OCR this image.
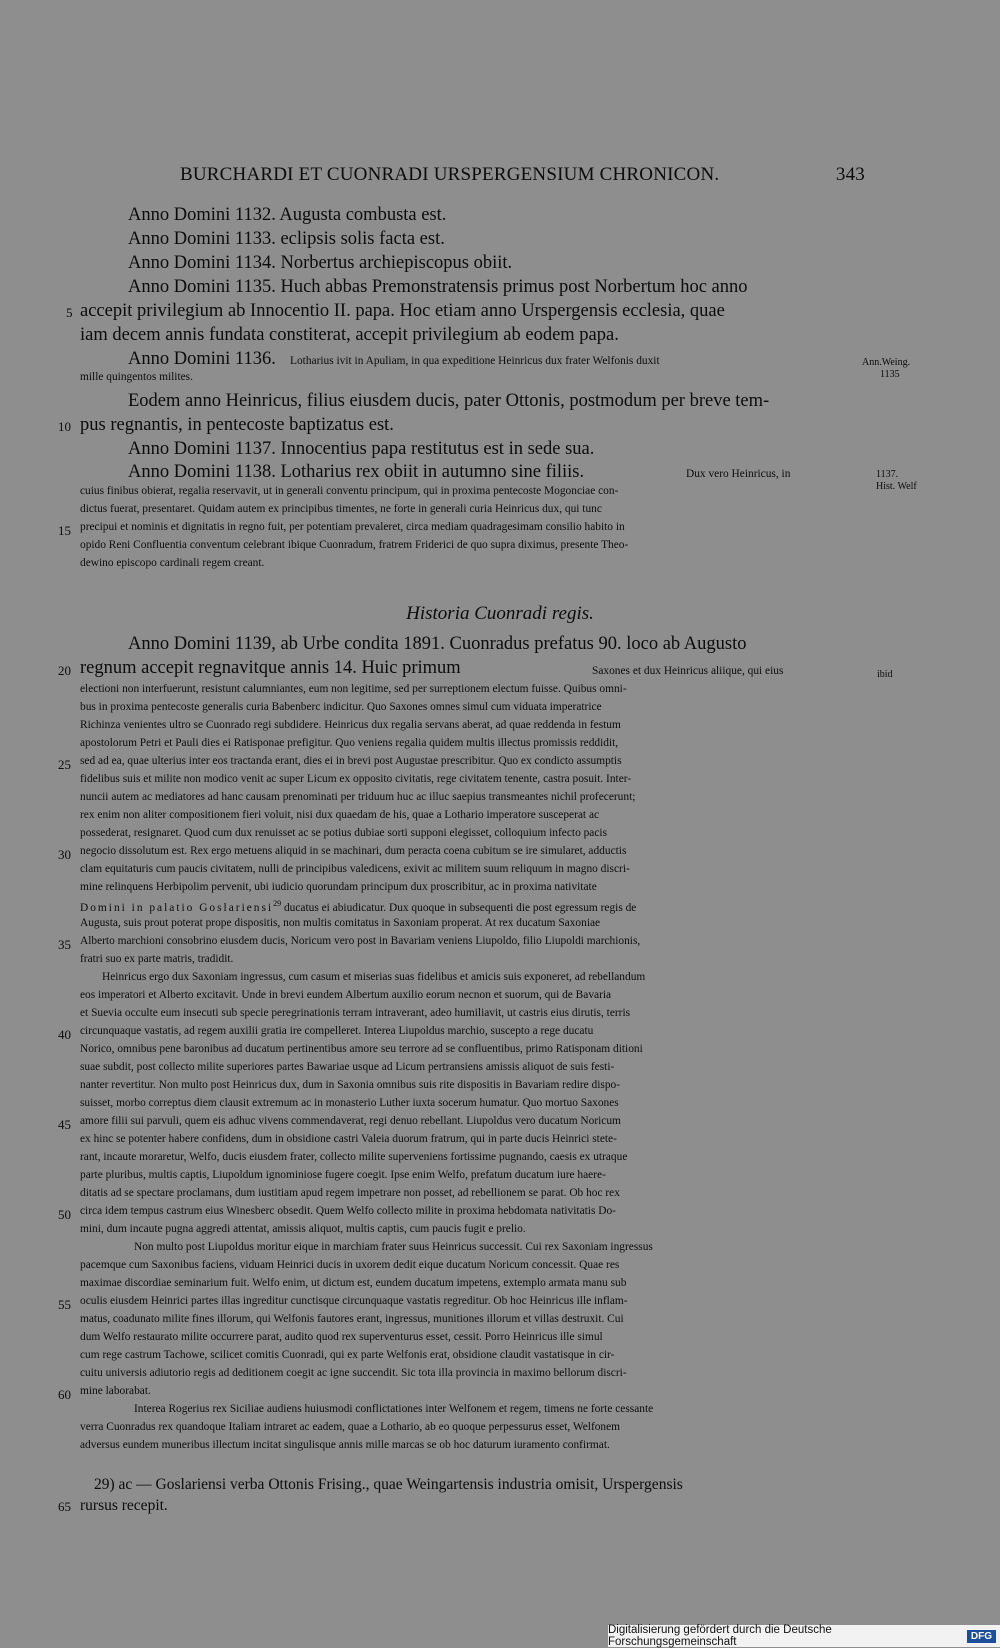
BURCHARDI ET CUONRADI URSPERGENSIUM CHRONICON.	343
Anno Domini 1132. Augusta combusta est.
Anno Domini 1133. eclipsis solis facta est.
Anno Domini 1134. Norbertus archiepiscopus obiit.
Anno Domini 1135. Huch abbas Premonstratensis primus post Norbertum hoc anno
accepit privilegium ab Innocentio II. papa. Hoc etiam anno Urspergensis ecclesia, quae
iam decem annis fundata constiterat, accepit privilegium ab eodem papa.
Anno Domini 1136. Lotharius ivit in Apuliam, in qua expeditione Heinricus dux frater Welfonis duxit
mille quingentos milites.
Eodem anno Heinricus, filius eiusdem ducis, pater Ottonis, postmodum per breve tem-
pus regnantis, in pentecoste baptizatus est.
Anno Domini 1137. Innocentius papa restitutus est in sede sua.
Anno Domini 1138. Lotharius rex obiit in autumno sine filiis.	Dux vero Heinricus, in
cuius finibus obierat, regalia reservavit, ut in generali conventu principum, qui in proxima pentecoste Mogonciae con-
dictus fuerat, presentaret. Quidam autem ex principibus timentes, ne forte in generali curia Heinricus dux, qui tunc
precipui et nominis et dignitatis in regno fuit, per potentiam prevaleret, circa mediam quadragesimam consilio habito in
opido Reni Confluentia conventum celebrant ibique Cuonradum, fratrem Friderici de quo supra diximus, presente Theo-
dewino episcopo cardinali regem creant.
Historia Cuonradi regis.
Anno Domini 1139, ab Urbe condita 1891. Cuonradus prefatus 90. loco ab Augusto
regnum accepit regnavitque annis 14. Huic primum	Saxones et dux Heinricus aliique, qui eius
electioni non interfuerunt, resistunt calumniantes, eum non legitime, sed per surreptionem electum fuisse. Quibus omni-
bus in proxima pentecoste generalis curia Babenberc indicitur. Quo Saxones omnes simul cum viduata imperatrice
Richinza venientes ultro se Cuonrado regi subdidere. Heinricus dux regalia servans aberat, ad quae reddenda in festum
apostolorum Petri et Pauli dies ei Ratisponae prefigitur. Quo veniens regalia quidem multis illectus promissis reddidit,
sed ad ea, quae ulterius inter eos tractanda erant, dies ei in brevi post Augustae prescribitur. Quo ex condicto assumptis
fidelibus suis et milite non modico venit ac super Licum ex opposito civitatis, rege civitatem tenente, castra posuit. Inter-
nuncii autem ac mediatores ad hanc causam prenominati per triduum huc ac illuc saepius transmeantes nichil profecerunt;
rex enim non aliter compositionem fieri voluit, nisi dux quaedam de his, quae a Lothario imperatore susceperat ac
possederat, resignaret. Quod cum dux renuisset ac se potius dubiae sorti supponi elegisset, colloquium infecto pacis
negocio dissolutum est. Rex ergo metuens aliquid in se machinari, dum peracta coena cubitum se ire simularet, adductis
clam equitaturis cum paucis civitatem, nulli de principibus valedicens, exivit ac militem suum reliquum in magno discri-
mine relinquens Herbipolim pervenit, ubi iudicio quorundam principum dux proscribitur, ac in proxima nativitate
Domini in palatio Goslariensi$^{29}$ ducatus ei abiudicatur. Dux quoque in subsequenti die post egressum regis de
Augusta, suis prout poterat prope dispositis, non multis comitatus in Saxoniam properat. At rex ducatum Saxoniae
Alberto marchioni consobrino eiusdem ducis, Noricum vero post in Bavariam veniens Liupoldo, filio Liupoldi marchionis,
fratri suo ex parte matris, tradidit.
Heinricus ergo dux Saxoniam ingressus, cum casum et miserias suas fidelibus et amicis suis exponeret, ad rebellandum
eos imperatori et Alberto excitavit. Unde in brevi eundem Albertum auxilio eorum necnon et suorum, qui de Bavaria
et Suevia occulte eum insecuti sub specie peregrinationis terram intraverant, adeo humiliavit, ut castris eius dirutis, terris
circunquaque vastatis, ad regem auxilii gratia ire compelleret. Interea Liupoldus marchio, suscepto a rege ducatu
Norico, omnibus pene baronibus ad ducatum pertinentibus amore seu terrore ad se confluentibus, primo Ratisponam ditioni
suae subdit, post collecto milite superiores partes Bawariae usque ad Licum pertransiens amissis aliquot de suis festi-
nanter revertitur. Non multo post Heinricus dux, dum in Saxonia omnibus suis rite dispositis in Bavariam redire dispo-
suisset, morbo correptus diem clausit extremum ac in monasterio Luther iuxta socerum humatur. Quo mortuo Saxones
amore filii sui parvuli, quem eis adhuc vivens commendaverat, regi denuo rebellant. Liupoldus vero ducatum Noricum
ex hinc se potenter habere confidens, dum in obsidione castri Valeia duorum fratrum, qui in parte ducis Heinrici stete-
rant, incaute moraretur, Welfo, ducis eiusdem frater, collecto milite superveniens fortissime pugnando, caesis ex utraque
parte pluribus, multis captis, Liupoldum ignominiose fugere coegit. Ipse enim Welfo, prefatum ducatum iure haere-
ditatis ad se spectare proclamans, dum iustitiam apud regem impetrare non posset, ad rebellionem se parat. Ob hoc rex
circa idem tempus castrum eius Winesberc obsedit. Quem Welfo collecto milite in proxima hebdomata nativitatis Do-
mini, dum incaute pugna aggredi attentat, amissis aliquot, multis captis, cum paucis fugit e prelio.
Non multo post Liupoldus moritur eique in marchiam frater suus Heinricus successit. Cui rex Saxoniam ingressus
pacemque cum Saxonibus faciens, viduam Heinrici ducis in uxorem dedit eique ducatum Noricum concessit. Quae res
maximae discordiae seminarium fuit. Welfo enim, ut dictum est, eundem ducatum impetens, extemplo armata manu sub
oculis eiusdem Heinrici partes illas ingreditur cunctisque circunquaque vastatis regreditur. Ob hoc Heinricus ille inflam-
matus, coadunato milite fines illorum, qui Welfonis fautores erant, ingressus, munitiones illorum et villas destruxit. Cui
dum Welfo restaurato milite occurrere parat, audito quod rex superventurus esset, cessit. Porro Heinricus ille simul
cum rege castrum Tachowe, scilicet comitis Cuonradi, qui ex parte Welfonis erat, obsidione claudit vastatisque in cir-
cuitu universis adiutorio regis ad deditionem coegit ac igne succendit. Sic tota illa provincia in maximo bellorum discri-
mine laborabat.
Interea Rogerius rex Siciliae audiens huiusmodi conflictationes inter Welfonem et regem, timens ne forte cessante
verra Cuonradus rex quandoque Italiam intraret ac eadem, quae a Lothario, ab eo quoque perpessurus esset, Welfonem
adversus eundem muneribus illectum incitat singulisque annis mille marcas se ob hoc daturum iuramento confirmat.
29) ac — Goslariensi verba Ottonis Frising., quae Weingartensis industria omisit, Urspergensis
rursus recepit.
5
10
15
20
25
30
35
40
45
50
55
60
65
Ann.Weing.
1135
1137.
Hist. Welf
ibid
Digitalisierung gefördert durch die Deutsche Forschungsgemeinschaft	DFG
